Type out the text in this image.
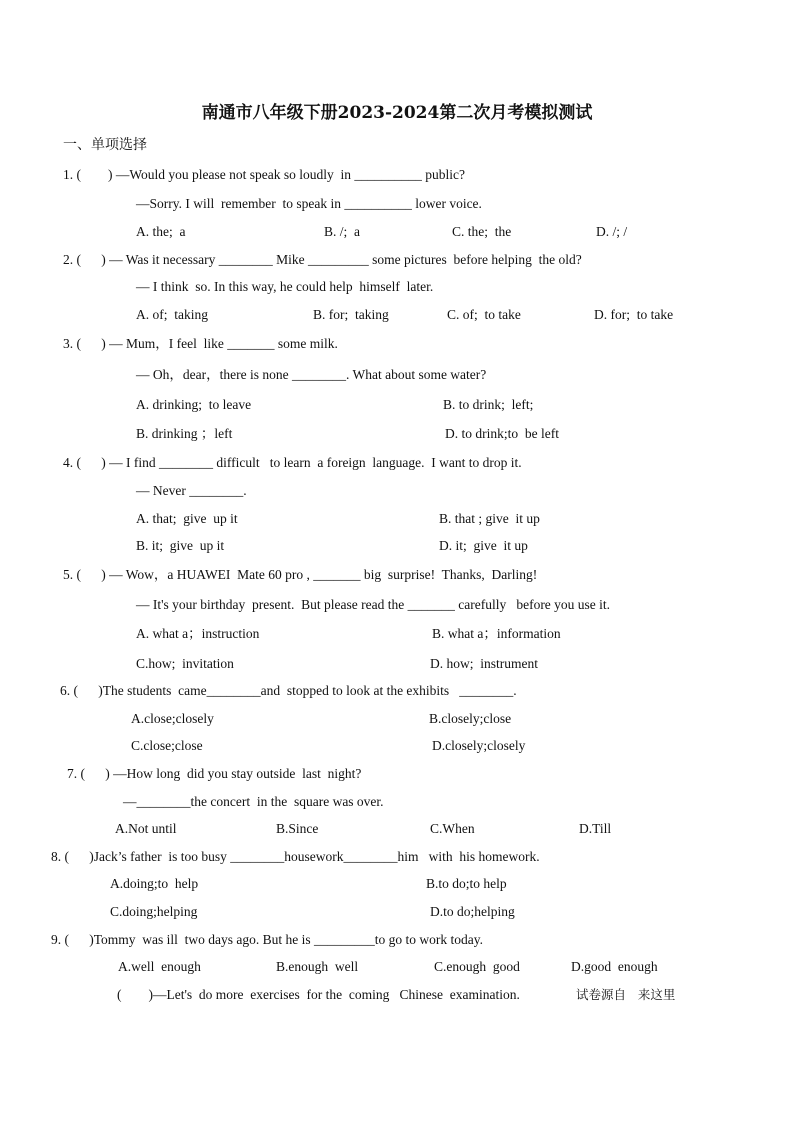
南通市八年级下册2023-2024第二次月考模拟测试
一、单项选择
1. (        ) —Would you please not speak so loudly  in __________ public?
—Sorry. I will  remember  to speak in __________ lower voice.
A. the;  a	B. /;  a	C. the;  the	D. /; /
2. (      ) — Was it necessary ________ Mike _________ some pictures  before helping  the old?
— I think  so. In this way, he could help  himself  later.
A. of;  taking	B. for;  taking	C. of;  to take	D. for;  to take
3. (      ) — Mum，I feel  like _______ some milk.
— Oh，dear，there is none ________. What about some water?
A. drinking;  to leave	B. to drink;  left;
B. drinking ；left	D. to drink;to  be left
4. (      ) — I find ________ difficult   to learn  a foreign  language.  I want to drop it.
— Never ________.
A. that;  give  up it	B. that ; give  it up
B. it;  give  up it	D. it;  give  it up
5. (      ) — Wow，a HUAWEI  Mate 60 pro , _______ big  surprise!  Thanks,  Darling!
— It's your birthday  present.  But please read the _______ carefully   before you use it.
A. what a；instruction	B. what a；information
C.how;  invitation	D. how;  instrument
6. (      )The students  came________and  stopped to look at the exhibits   ________.
A.close;closely	B.closely;close
C.close;close	D.closely;closely
7. (      ) —How long  did you stay outside  last  night?
—________the concert  in the  square was over.
A.Not until	B.Since	C.When	D.Till
8. (      )Jack’s father  is too busy ________housework________him   with  his homework.
A.doing;to  help	B.to do;to help
C.doing;helping	D.to do;helping
9. (      )Tommy  was ill  two days ago. But he is _________to go to work today.
A.well  enough	B.enough  well	C.enough  good	D.good  enough
(        )—Let's  do more  exercises  for the  coming   Chinese  examination.	试卷源自   来这里
